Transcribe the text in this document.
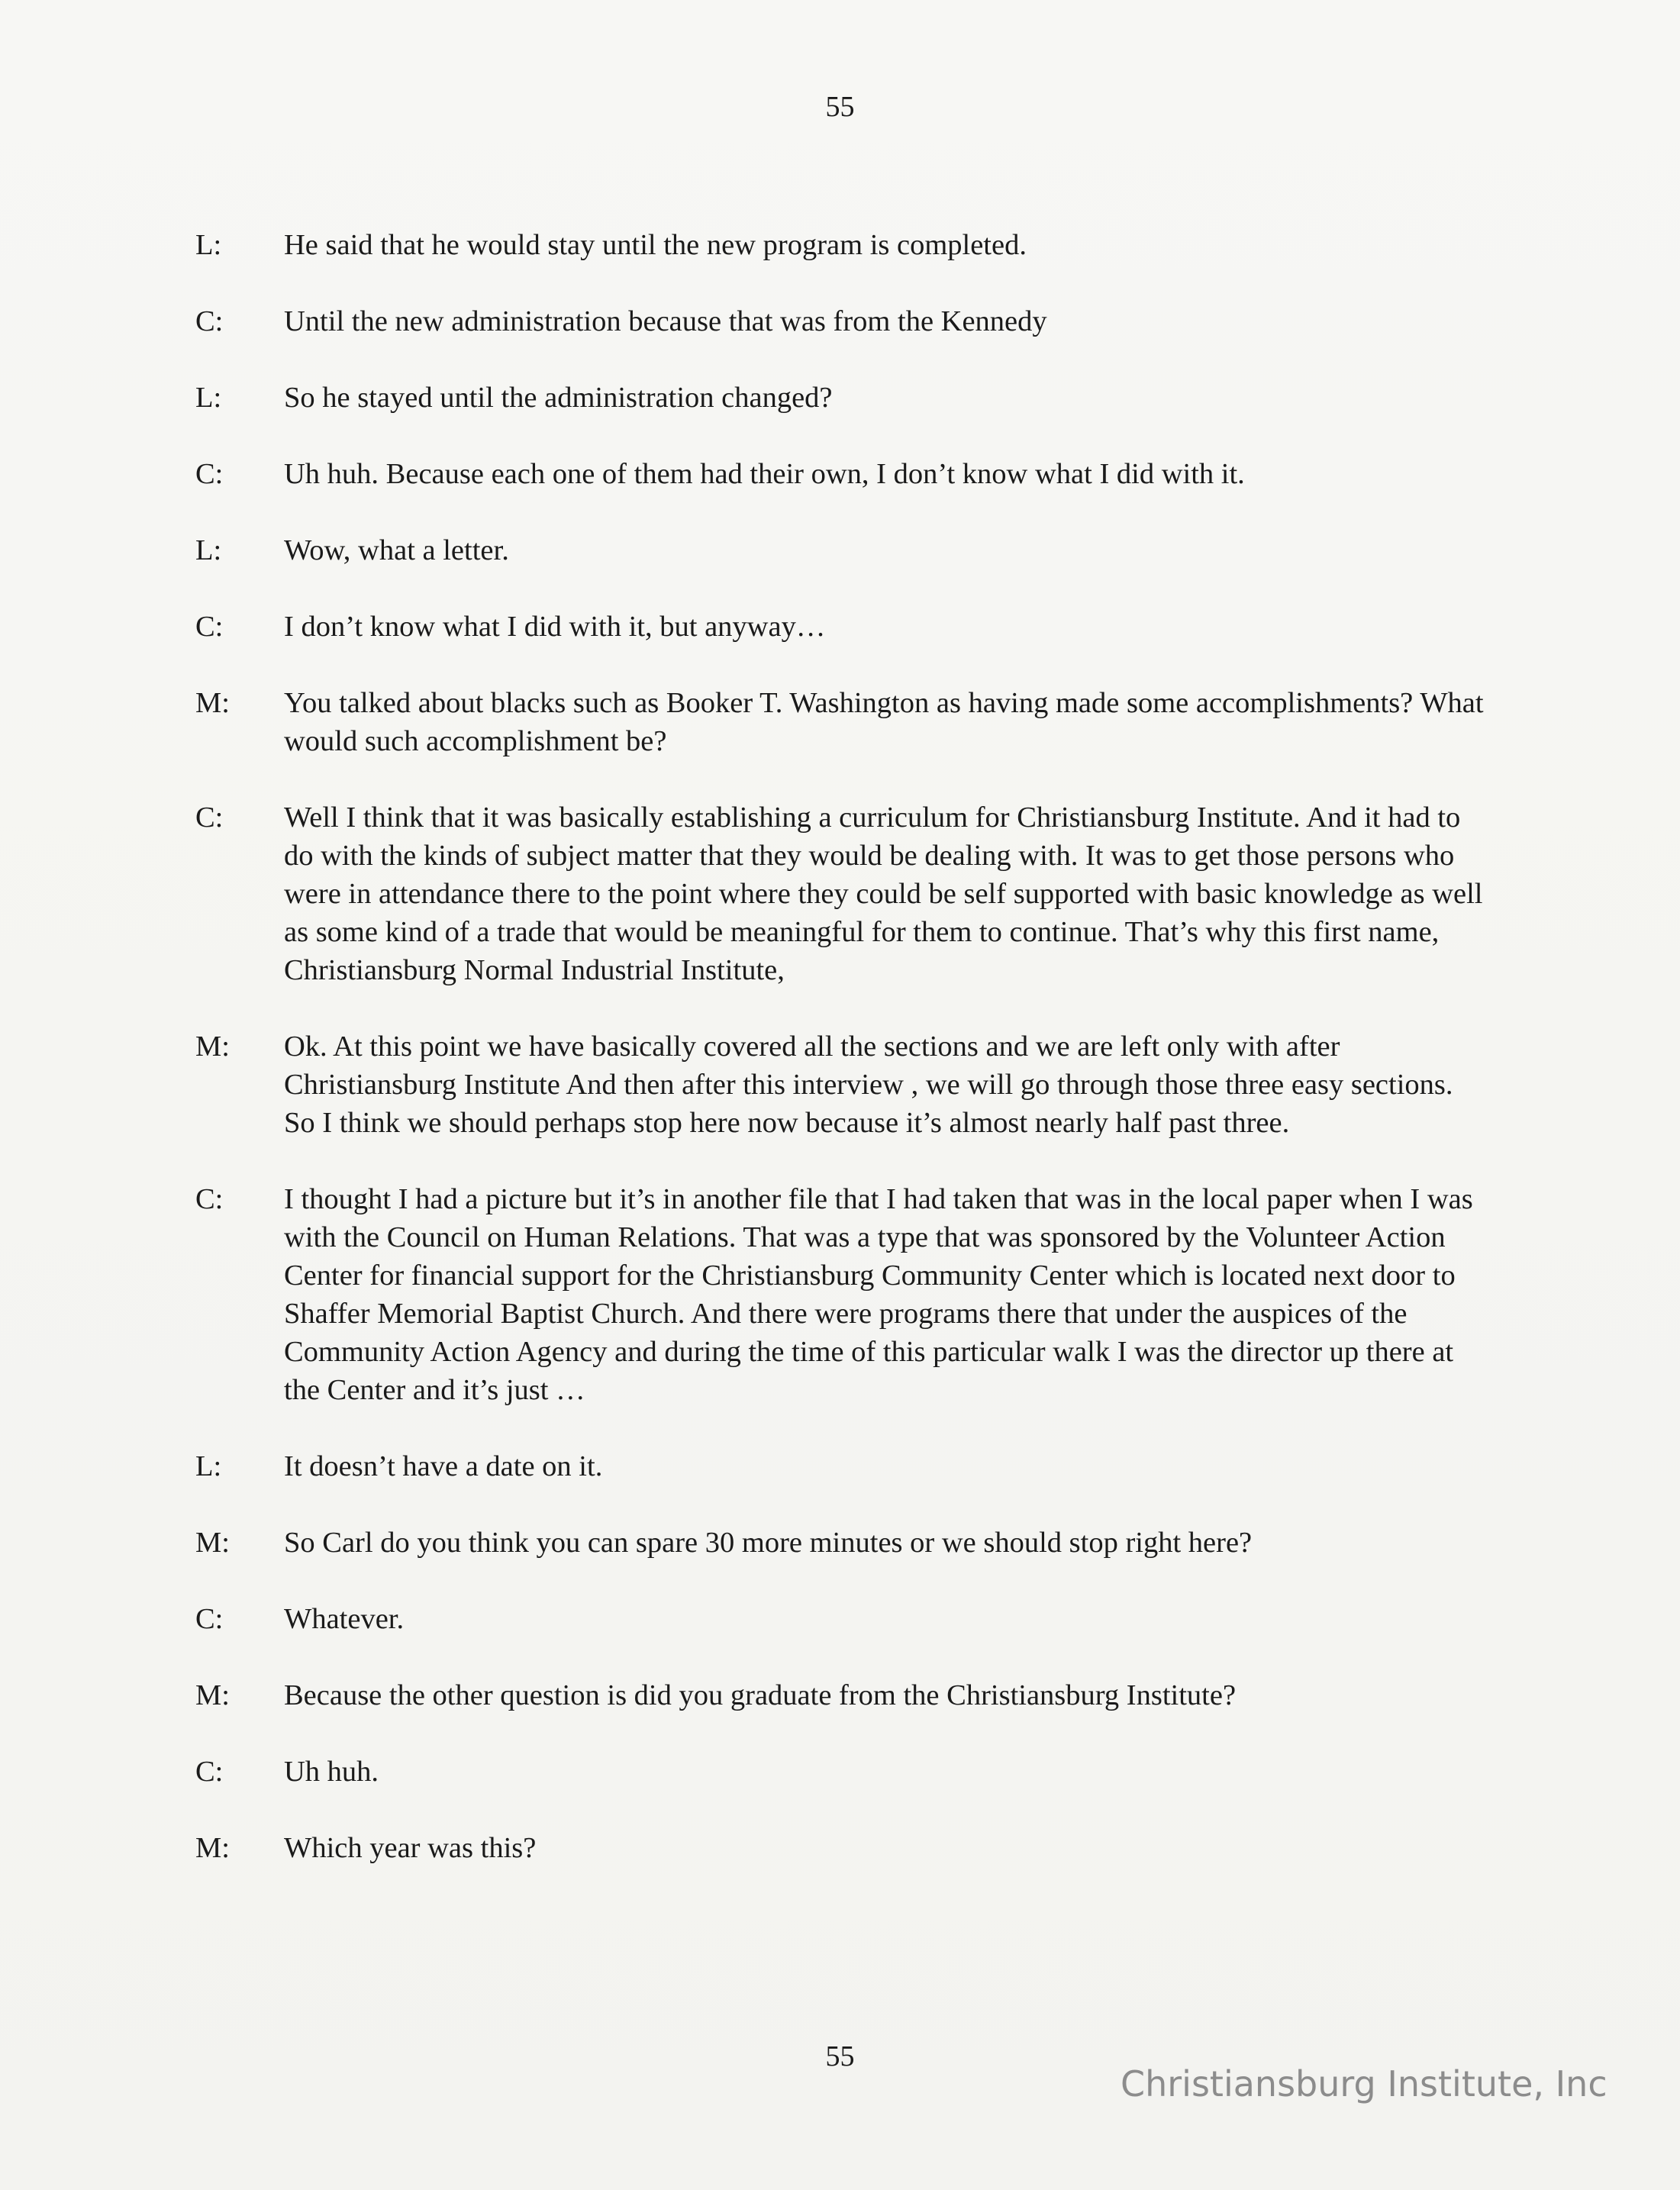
55
L:	He said that he would stay until the new program is completed.
C:	Until the new administration because that was from the Kennedy
L:	So he stayed until the administration changed?
C:	Uh huh. Because each one of them had their own, I don’t know what I did with it.
L:	Wow, what a letter.
C:	I don’t know what I did with it, but anyway…
M:	You talked about blacks such as Booker T. Washington as having made some accomplishments? What would such accomplishment be?
C:	Well I think that it was basically establishing a curriculum for Christiansburg Institute. And it had to do with the kinds of subject matter that they would be dealing with. It was to get those persons who were in attendance there to the point where they could be self supported with basic knowledge as well as some kind of a trade that would be meaningful for them to continue. That’s why this first name, Christiansburg Normal Industrial Institute,
M:	Ok. At this point we have basically covered all the sections and we are left only with after Christiansburg Institute And then after this interview , we will go through those three easy sections. So I think we should perhaps stop here now because it’s almost nearly half past three.
C:	I thought I had a picture but it’s in another file that I had taken that was in the local paper when I was with the Council on Human Relations. That was a type that was sponsored by the Volunteer Action Center for financial support for the Christiansburg Community Center which is located next door to Shaffer Memorial Baptist Church. And there were programs there that under the auspices of the Community Action Agency and during the time of this particular walk I was the director up there at the Center and it’s just …
L:	It doesn’t have a date on it.
M:	So Carl do you think you can spare 30 more minutes or we should stop right here?
C:	Whatever.
M:	Because the other question is did you graduate from the Christiansburg Institute?
C:	Uh huh.
M:	Which year was this?
55
Christiansburg Institute, Inc
